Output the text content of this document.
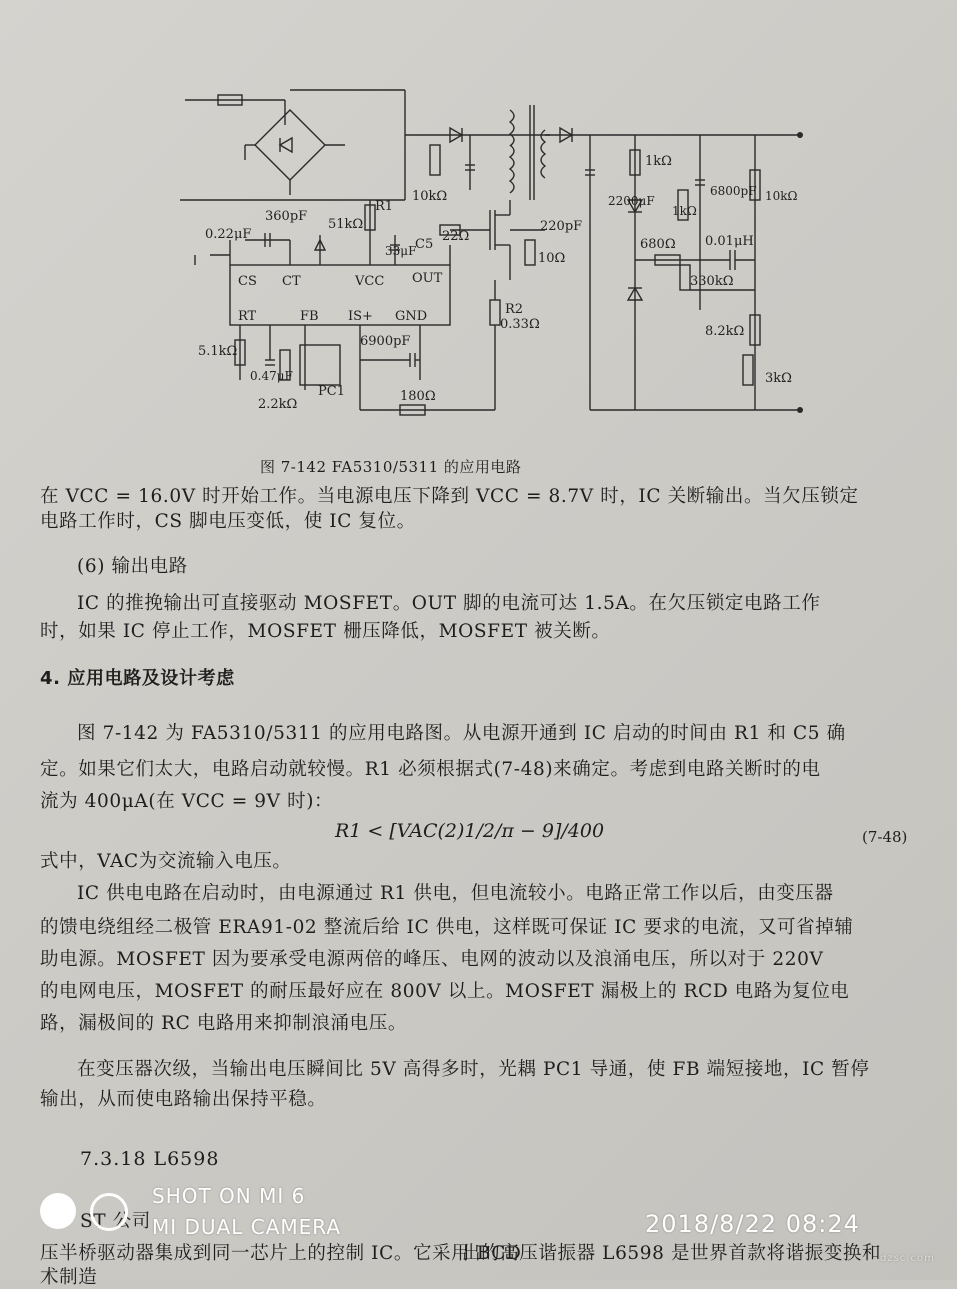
0.22μF
360pF
R1
51kΩ
33μF
C5
22Ω
220pF
10Ω
R2
0.33Ω
10kΩ	2200μF
1kΩ
1kΩ
6800pF 10kΩ
680Ω 0.01μH
330kΩ
8.2kΩ
3kΩ
CS CT	VCC OUT
RT	FB IS+ GND
5.1kΩ
0.47μF
2.2kΩ
PC1
6900pF
180Ω
图 7-142 FA5310/5311 的应用电路
在 VCC = 16.0V 时开始工作。当电源电压下降到 VCC = 8.7V 时，IC 关断输出。当欠压锁定
电路工作时，CS 脚电压变低，使 IC 复位。
(6) 输出电路
IC 的推挽输出可直接驱动 MOSFET。OUT 脚的电流可达 1.5A。在欠压锁定电路工作
时，如果 IC 停止工作，MOSFET 栅压降低，MOSFET 被关断。
4. 应用电路及设计考虑
图 7-142 为 FA5310/5311 的应用电路图。从电源开通到 IC 启动的时间由 R1 和 C5 确
定。如果它们太大，电路启动就较慢。R1 必须根据式(7-48)来确定。考虑到电路关断时的电
流为 400μA(在 VCC = 9V 时)：
R1 < [VAC(2)1/2/π − 9]/400	(7-48)
式中，VAC为交流输入电压。
IC 供电电路在启动时，由电源通过 R1 供电，但电流较小。电路正常工作以后，由变压器
的馈电绕组经二极管 ERA91-02 整流后给 IC 供电，这样既可保证 IC 要求的电流，又可省掉辅
助电源。MOSFET 因为要承受电源两倍的峰压、电网的波动以及浪涌电压，所以对于 220V
的电网电压，MOSFET 的耐压最好应在 800V 以上。MOSFET 漏极上的 RCD 电路为复位电
路，漏极间的 RC 电路用来抑制浪涌电压。
在变压器次级，当输出电压瞬间比 5V 高得多时，光耦 PC1 导通，使 FB 端短接地，IC 暂停
输出，从而使电路输出保持平稳。
7.3.18 L6598
ST 公司
压半桥驱动器集成到同一芯片上的控制 IC。它采用 BCD
出的高压谐振器 L6598 是世界首款将谐振变换和
术制造
SHOT ON MI 6
MI DUAL CAMERA	2018/8/22 08:24
dzsc.com
